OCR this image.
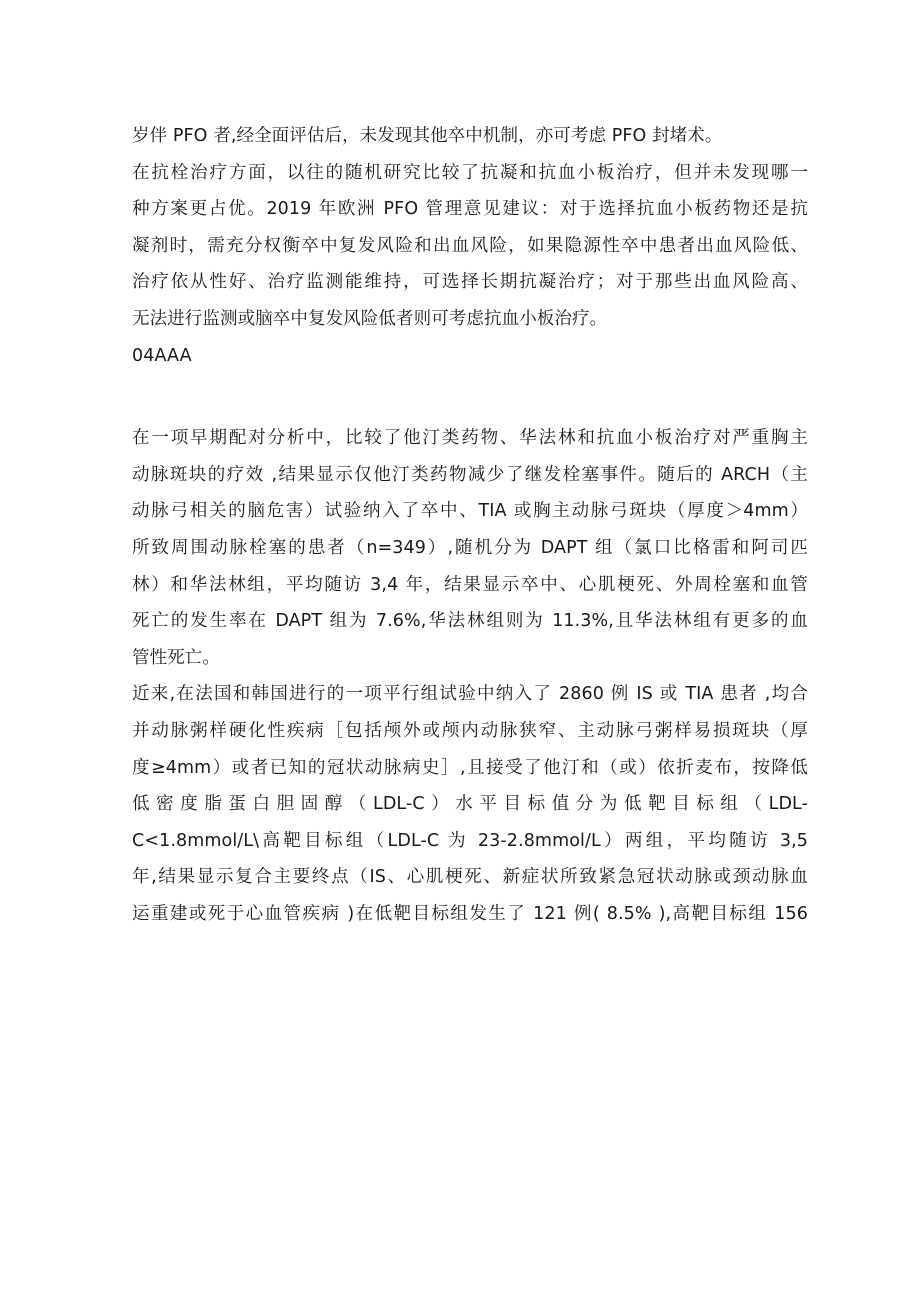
岁伴 PFO 者,经全面评估后，未发现其他卒中机制，亦可考虑 PFO 封堵术。
在抗栓治疗方面，以往的随机研究比较了抗凝和抗血小板治疗，但并未发现哪一
种方案更占优。2019 年欧洲 PFO 管理意见建议：对于选择抗血小板药物还是抗
凝剂时，需充分权衡卒中复发风险和出血风险，如果隐源性卒中患者出血风险低、
治疗依从性好、治疗监测能维持，可选择长期抗凝治疗；对于那些出血风险高、
无法进行监测或脑卒中复发风险低者则可考虑抗血小板治疗。
04AAA
在一项早期配对分析中，比较了他汀类药物、华法林和抗血小板治疗对严重胸主
动脉斑块的疗效 ,结果显示仅他汀类药物减少了继发栓塞事件。随后的 ARCH（主
动脉弓相关的脑危害）试验纳入了卒中、TIA 或胸主动脉弓斑块（厚度＞4mm）
所致周围动脉栓塞的患者（n=349）,随机分为 DAPT 组（氯口比格雷和阿司匹
林）和华法林组，平均随访 3,4 年，结果显示卒中、心肌梗死、外周栓塞和血管
死亡的发生率在 DAPT 组为 7.6%,华法林组则为 11.3%,且华法林组有更多的血
管性死亡。
近来,在法国和韩国进行的一项平行组试验中纳入了 2860 例 IS 或 TIA 患者 ,均合
并动脉粥样硬化性疾病［包括颅外或颅内动脉狭窄、主动脉弓粥样易损斑块（厚
度≥4mm）或者已知的冠状动脉病史］,且接受了他汀和（或）依折麦布，按降低
低密度脂蛋白胆固醇（LDL-C）水平目标值分为低靶目标组（LDL-
C<1.8mmol/L\高靶目标组（LDL-C 为 23-2.8mmol/L）两组，平均随访 3,5
年,结果显示复合主要终点（IS、心肌梗死、新症状所致紧急冠状动脉或颈动脉血
运重建或死于心血管疾病 )在低靶目标组发生了 121 例( 8.5% ),高靶目标组 156
